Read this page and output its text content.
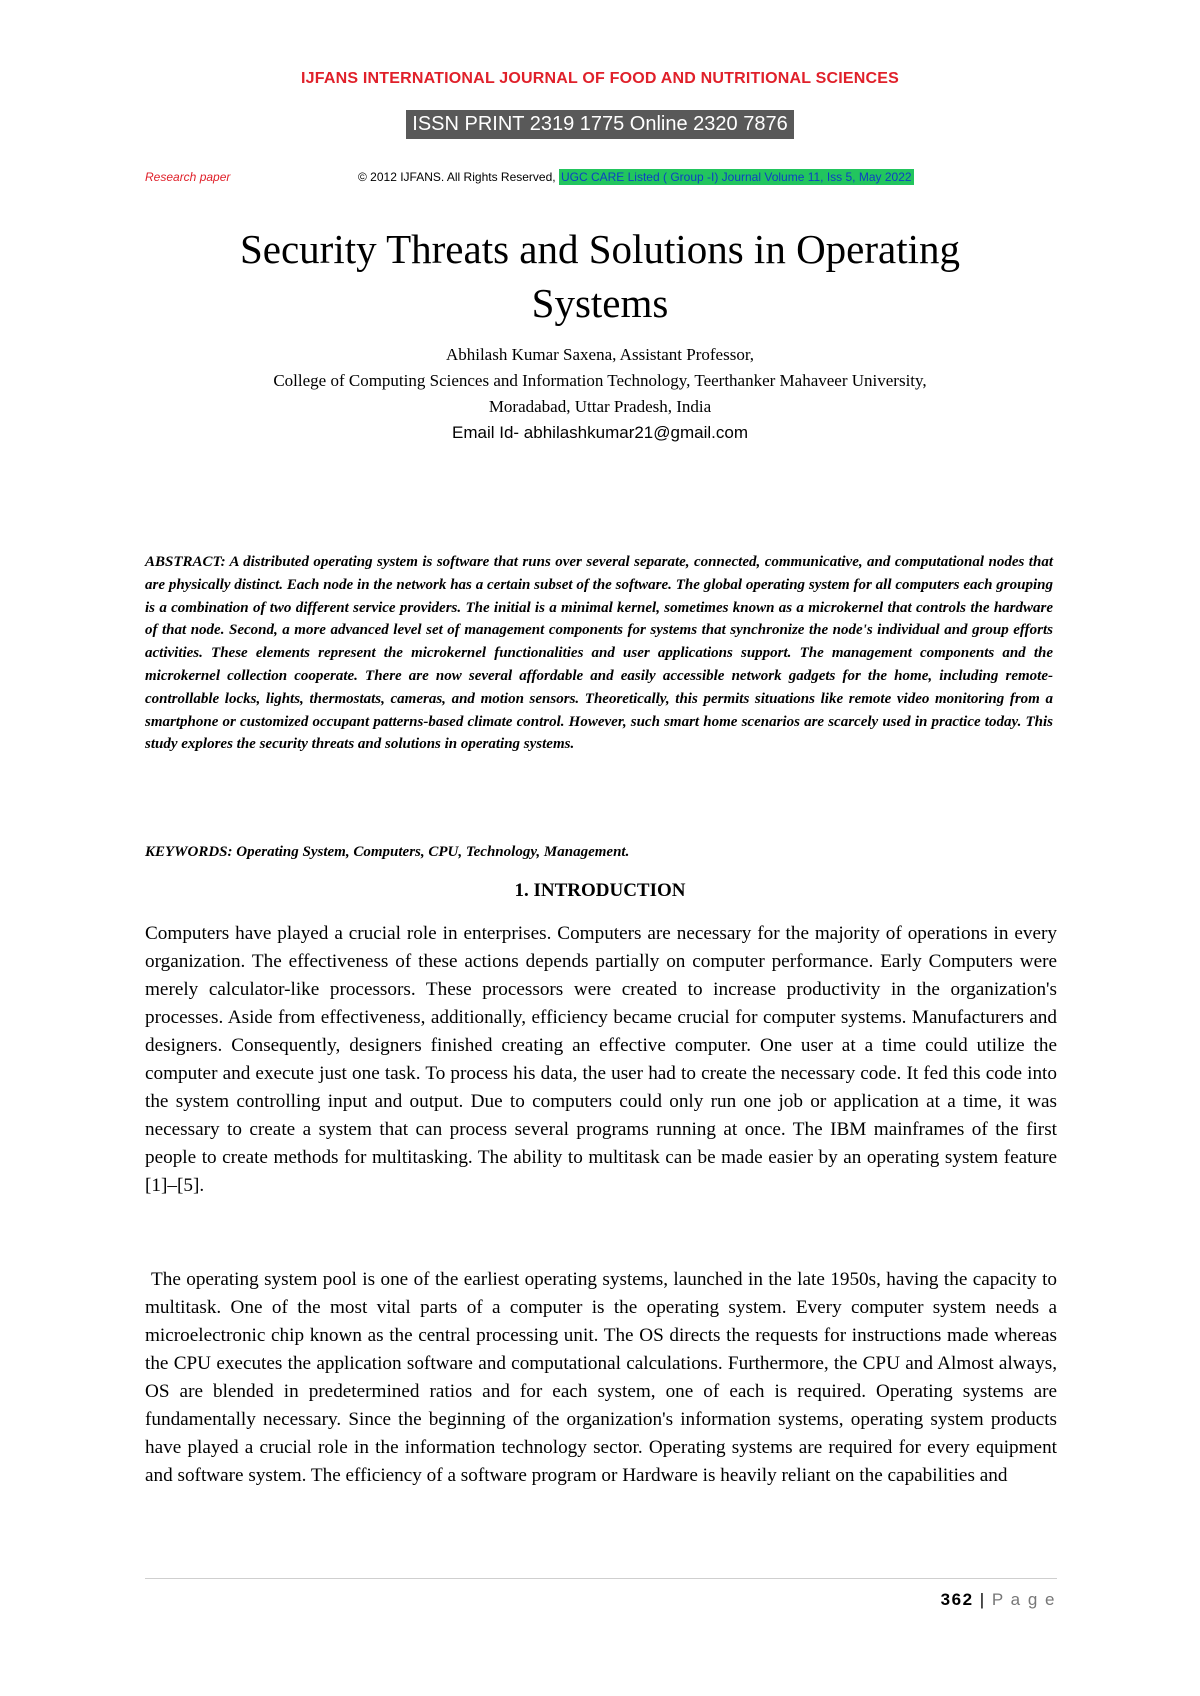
IJFANS INTERNATIONAL JOURNAL OF FOOD AND NUTRITIONAL SCIENCES
ISSN PRINT 2319 1775 Online 2320 7876
Research paper	© 2012 IJFANS. All Rights Reserved, UGC CARE Listed ( Group -I) Journal Volume 11, Iss 5, May 2022
Security Threats and Solutions in Operating
Systems
Abhilash Kumar Saxena, Assistant Professor,
College of Computing Sciences and Information Technology, Teerthanker Mahaveer University,
Moradabad, Uttar Pradesh, India
Email Id- abhilashkumar21@gmail.com
ABSTRACT: A distributed operating system is software that runs over several separate, connected, communicative, and computational nodes that are physically distinct. Each node in the network has a certain subset of the software. The global operating system for all computers each grouping is a combination of two different service providers. The initial is a minimal kernel, sometimes known as a microkernel that controls the hardware of that node. Second, a more advanced level set of management components for systems that synchronize the node's individual and group efforts activities. These elements represent the microkernel functionalities and user applications support. The management components and the microkernel collection cooperate. There are now several affordable and easily accessible network gadgets for the home, including remote-controllable locks, lights, thermostats, cameras, and motion sensors. Theoretically, this permits situations like remote video monitoring from a smartphone or customized occupant patterns-based climate control. However, such smart home scenarios are scarcely used in practice today. This study explores the security threats and solutions in operating systems.
KEYWORDS: Operating System, Computers, CPU, Technology, Management.
1. INTRODUCTION
Computers have played a crucial role in enterprises. Computers are necessary for the majority of operations in every organization. The effectiveness of these actions depends partially on computer performance. Early Computers were merely calculator-like processors. These processors were created to increase productivity in the organization's processes. Aside from effectiveness, additionally, efficiency became crucial for computer systems. Manufacturers and designers. Consequently, designers finished creating an effective computer. One user at a time could utilize the computer and execute just one task. To process his data, the user had to create the necessary code. It fed this code into the system controlling input and output. Due to computers could only run one job or application at a time, it was necessary to create a system that can process several programs running at once. The IBM mainframes of the first people to create methods for multitasking. The ability to multitask can be made easier by an operating system feature [1]–[5].
The operating system pool is one of the earliest operating systems, launched in the late 1950s, having the capacity to multitask. One of the most vital parts of a computer is the operating system. Every computer system needs a microelectronic chip known as the central processing unit. The OS directs the requests for instructions made whereas the CPU executes the application software and computational calculations. Furthermore, the CPU and Almost always, OS are blended in predetermined ratios and for each system, one of each is required. Operating systems are fundamentally necessary. Since the beginning of the organization's information systems, operating system products have played a crucial role in the information technology sector. Operating systems are required for every equipment and software system. The efficiency of a software program or Hardware is heavily reliant on the capabilities and
362 | P a g e
